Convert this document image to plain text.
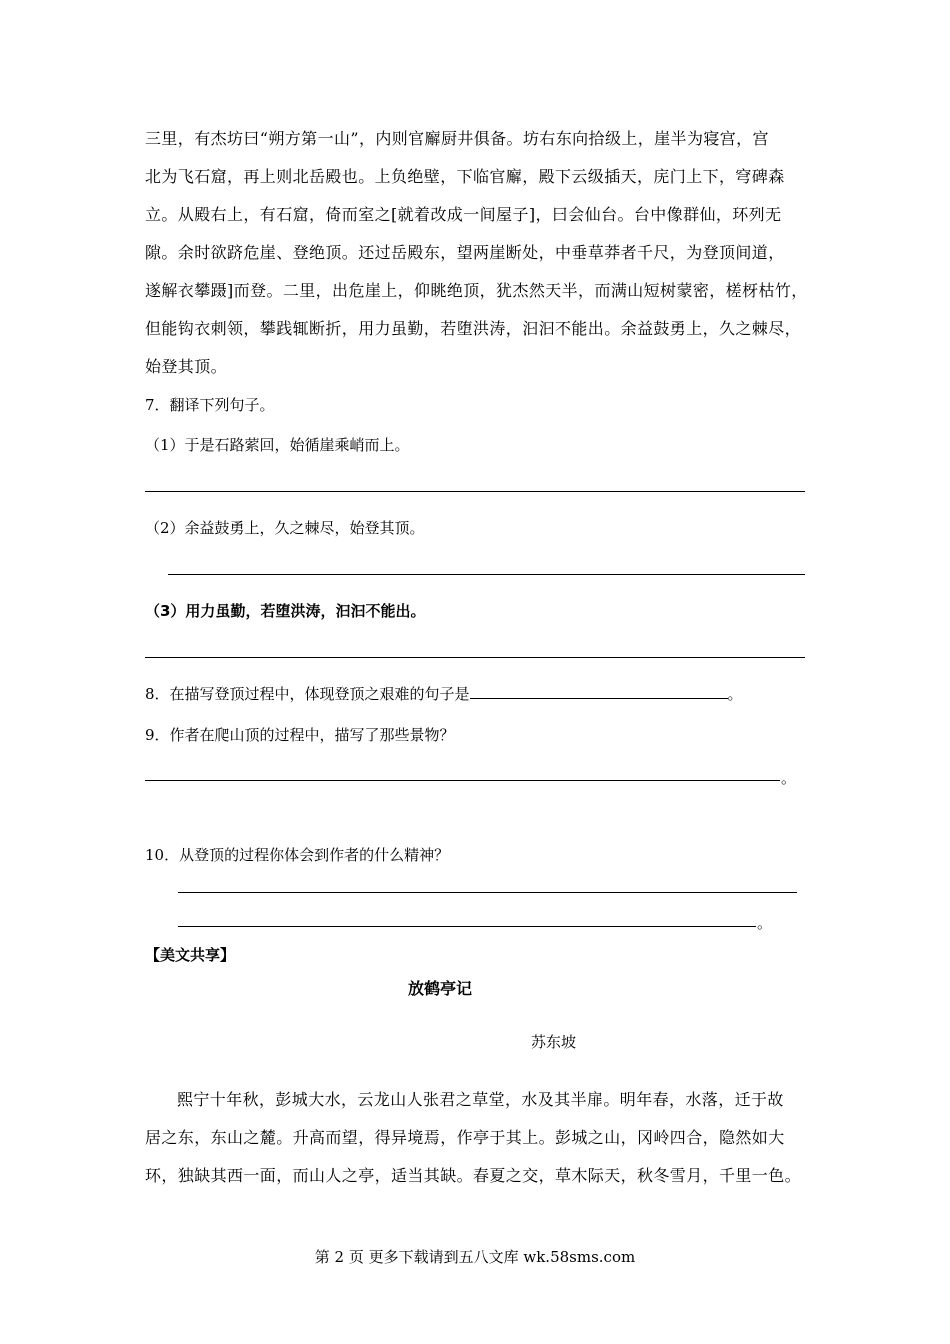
三里，有杰坊曰“朔方第一山”，内则官廨厨井俱备。坊右东向拾级上，崖半为寝宫，宫
北为飞石窟，再上则北岳殿也。上负绝壁，下临官廨，殿下云级插天，庑门上下，穹碑森
立。从殿右上，有石窟，倚而室之[就着改成一间屋子]，曰会仙台。台中像群仙，环列无
隙。余时欲跻危崖、登绝顶。还过岳殿东，望两崖断处，中垂草莽者千尺，为登顶间道，
遂解衣攀蹑]而登。二里，出危崖上，仰眺绝顶，犹杰然天半，而满山短树蒙密，槎枒枯竹，
但能钩衣刺领，攀践辄断折，用力虽勤，若堕洪涛，汩汩不能出。余益鼓勇上，久之棘尽，
始登其顶。
7．翻译下列句子。
（1）于是石路萦回，始循崖乘峭而上。
（2）余益鼓勇上，久之棘尽，始登其顶。
（3）用力虽勤，若堕洪涛，汩汩不能出。
8．在描写登顶过程中，体现登顶之艰难的句子是	。
9．作者在爬山顶的过程中，描写了那些景物？
。
10．从登顶的过程你体会到作者的什么精神？
。
【美文共享】
放鹤亭记
苏东坡
熙宁十年秋，彭城大水，云龙山人张君之草堂，水及其半扉。明年春，水落，迁于故
居之东，东山之麓。升高而望，得异境焉，作亭于其上。彭城之山，冈岭四合，隐然如大
环，独缺其西一面，而山人之亭，适当其缺。春夏之交，草木际天，秋冬雪月，千里一色。
第 2 页 更多下载请到五八文库 wk.58sms.com
